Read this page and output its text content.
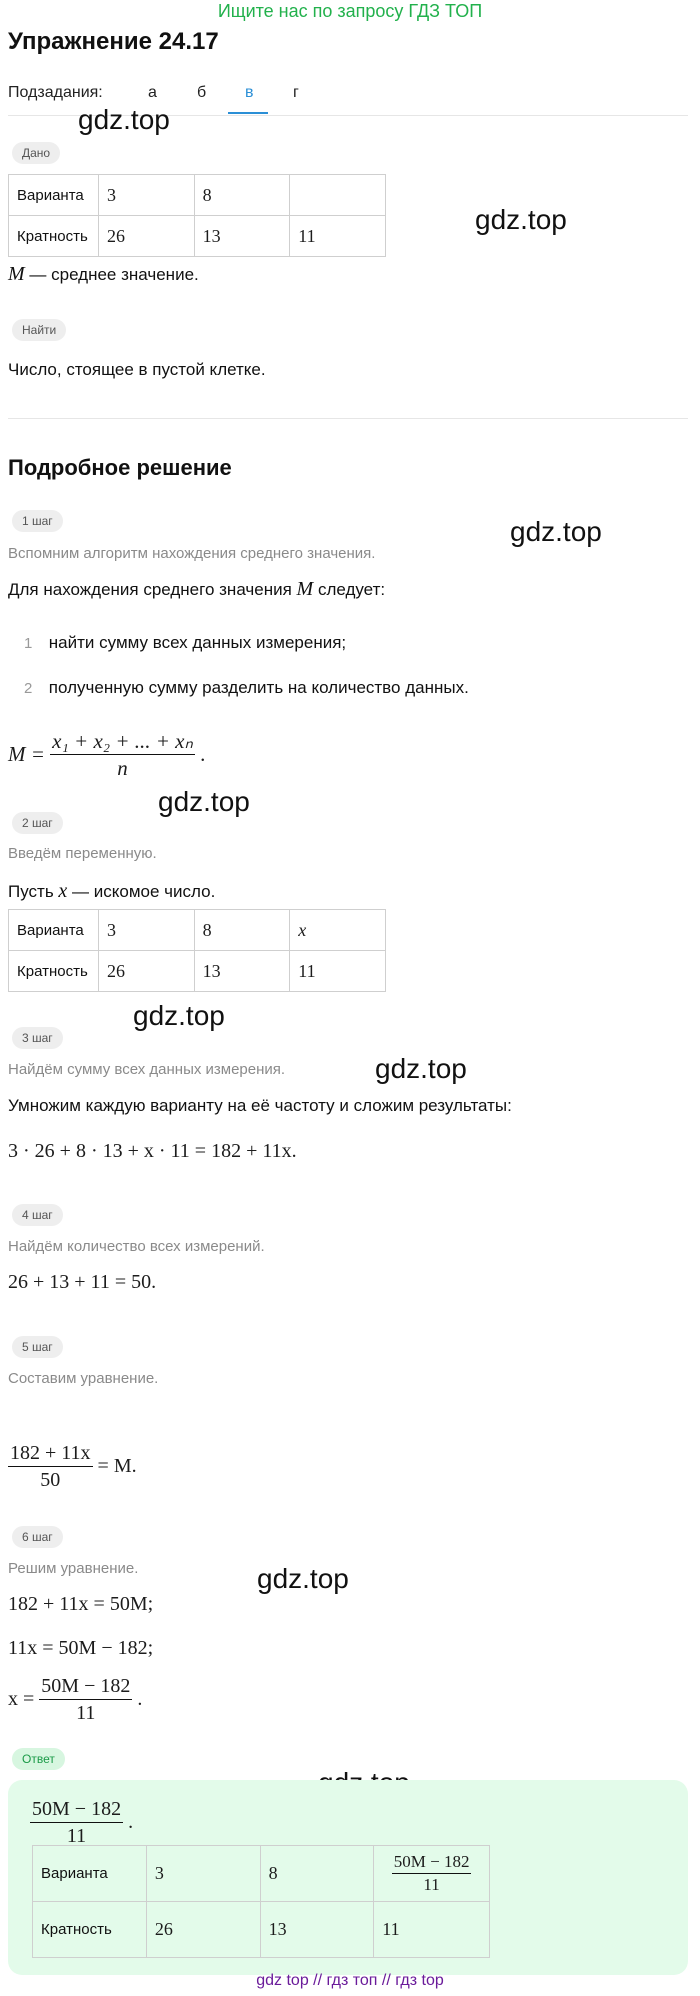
Ищите нас по запросу ГДЗ ТОП
Упражнение 24.17
Подзадания:	а	б в г
gdz.top
gdz.top
gdz.top
gdz.top
gdz.top
gdz.top
gdz.top
Дано
Варианта	3	8	
Кратность	26	13	11
M — среднее значение.
Найти
Число, стоящее в пустой клетке.
Подробное решение
1 шаг
Вспомним алгоритм нахождения среднего значения.
Для нахождения среднего значения M следует:
1 найти сумму всех данных измерения;
2 полученную сумму разделить на количество данных.
$M = \frac{\text{x₁ + x₂ + ... + xₙ}}{n}$ .
2 шаг
Введём переменную.
Пусть x — искомое число.
Варианта	3	8	x
Кратность	26	13	11
3 шаг
Найдём сумму всех данных измерения.
Умножим каждую варианту на её частоту и сложим результаты:
3 · 26 + 8 · 13 + x · 11 = 182 + 11x.
4 шаг
Найдём количество всех измерений.
26 + 13 + 11 = 50.
5 шаг
Составим уравнение.
$\frac{182 + 11x}{50} = M$.
6 шаг
Решим уравнение.
182 + 11x = 50M;
11x = 50M − 182;
$x = \frac{50M - 182}{11}$ .
Ответ
$\frac{50M - 182}{11}$ .
Варианта	3	8	$\frac{50M - 182}{11}$

Кратность	26	13	11
gdz top // гдз топ // гдз top
